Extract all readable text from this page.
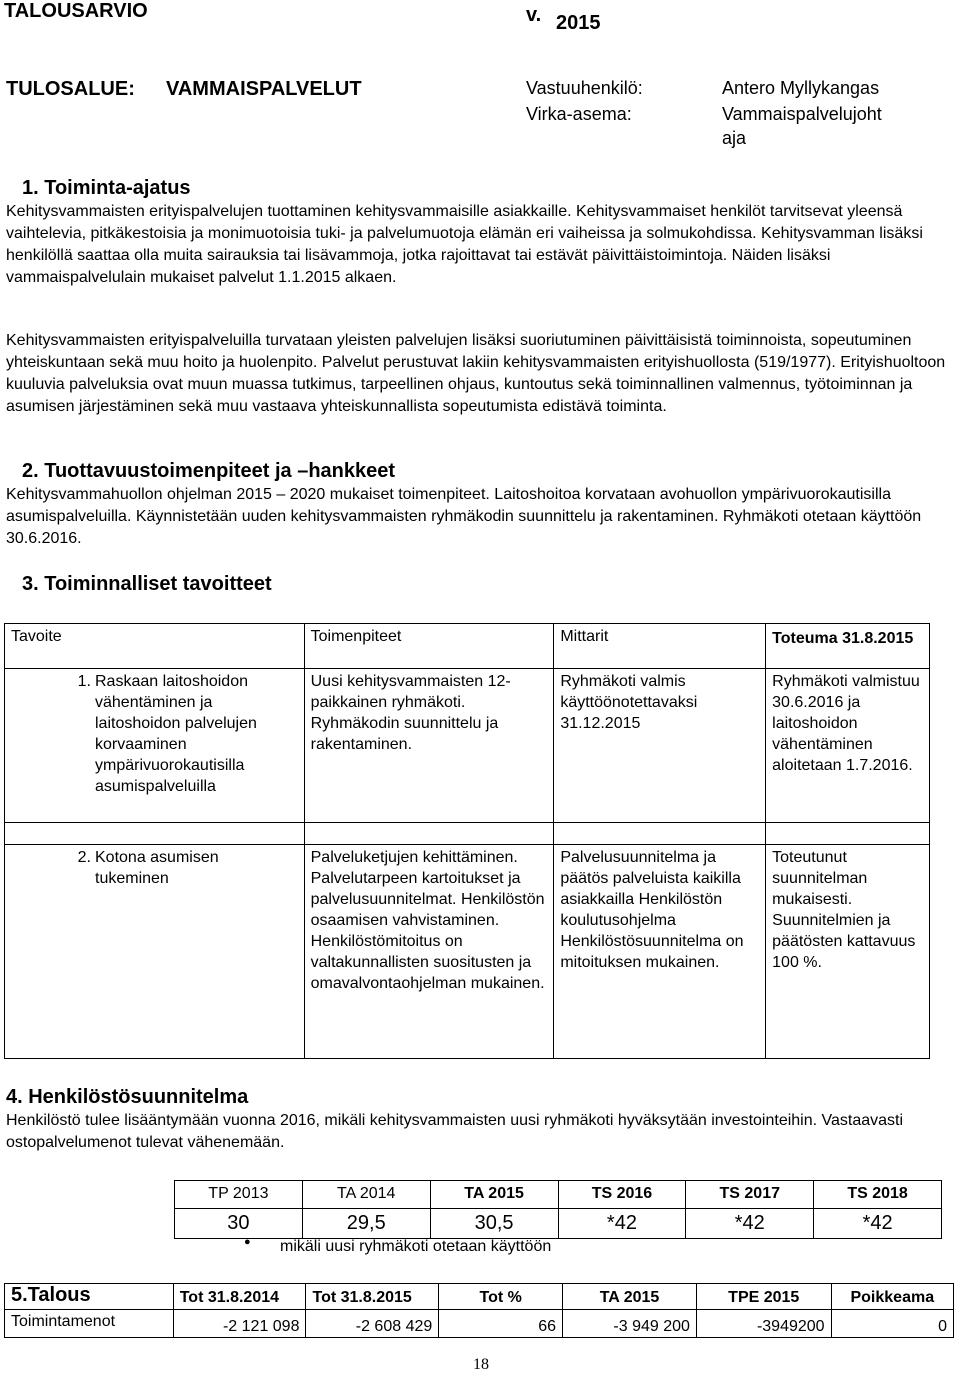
TALOUSARVIO	v. 2015
TULOSALUE: VAMMAISPALVELUT	Vastuuhenkilö:	Antero Myllykangas
Virka-asema:	Vammaispalvelujoht
aja
1. Toiminta-ajatus

Kehitysvammaisten erityispalvelujen tuottaminen kehitysvammaisille asiakkaille. Kehitysvammaiset henkilöt tarvitsevat yleensä vaihtelevia, pitkäkestoisia ja monimuotoisia tuki- ja palvelumuotoja elämän eri vaiheissa ja solmukohdissa. Kehitysvamman lisäksi henkilöllä saattaa olla muita sairauksia tai lisävammoja, jotka rajoittavat tai estävät päivittäistoimintoja. Näiden lisäksi vammaispalvelulain mukaiset palvelut 1.1.2015 alkaen.

Kehitysvammaisten erityispalveluilla turvataan yleisten palvelujen lisäksi suoriutuminen päivittäisistä toiminnoista, sopeutuminen yhteiskuntaan sekä muu hoito ja huolenpito. Palvelut perustuvat lakiin kehitysvammaisten erityishuollosta (519/1977). Erityishuoltoon kuuluvia palveluksia ovat muun muassa tutkimus, tarpeellinen ohjaus, kuntoutus sekä toiminnallinen valmennus, työtoiminnan ja asumisen järjestäminen sekä muu vastaava yhteiskunnallista sopeutumista edistävä toiminta.

2. Tuottavuustoimenpiteet ja –hankkeet

Kehitysvammahuollon ohjelman 2015 – 2020 mukaiset toimenpiteet. Laitoshoitoa korvataan avohuollon ympärivuorokautisilla asumispalveluilla. Käynnistetään uuden kehitysvammaisten ryhmäkodin suunnittelu ja rakentaminen. Ryhmäkoti otetaan käyttöön 30.6.2016.

3. Toiminnalliset tavoitteet
Tavoite	Toimenpiteet	Mittarit	Toteuma 31.8.2015
1. Raskaan laitoshoidon vähentäminen ja laitoshoidon palvelujen korvaaminen ympärivuorokautisilla asumispalveluilla	Uusi kehitysvammaisten 12-paikkainen ryhmäkoti. Ryhmäkodin suunnittelu ja rakentaminen.	Ryhmäkoti valmis käyttöönotettavaksi 31.12.2015	Ryhmäkoti valmistuu 30.6.2016 ja laitoshoidon vähentäminen aloitetaan 1.7.2016.

2. Kotona asumisen tukeminen	Palveluketjujen kehittäminen. Palvelutarpeen kartoitukset ja palvelusuunnitelmat. Henkilöstön osaamisen vahvistaminen. Henkilöstömitoitus on valtakunnallisten suositusten ja omavalvontaohjelman mukainen.	Palvelusuunnitelma ja päätös palveluista kaikilla asiakkailla Henkilöstön koulutusohjelma Henkilöstösuunnitelma on mitoituksen mukainen.	Toteutunut suunnitelman mukaisesti. Suunnitelmien ja päätösten kattavuus 100 %.
4. Henkilöstösuunnitelma

Henkilöstö tulee lisääntymään vuonna 2016, mikäli kehitysvammaisten uusi ryhmäkoti hyväksytään investointeihin. Vastaavasti ostopalvelumenot tulevat vähenemään.

TP 2013	TA 2014	TA 2015	TS 2016	TS 2017	TS 2018
30	29,5	30,5	*42	*42	*42
● mikäli uusi ryhmäkoti otetaan käyttöön
5.Talous	Tot 31.8.2014	Tot 31.8.2015	Tot %	TA 2015	TPE 2015	Poikkeama
Toimintamenot	-2 121 098	-2 608 429	66	-3 949 200	-3949200	0
18
